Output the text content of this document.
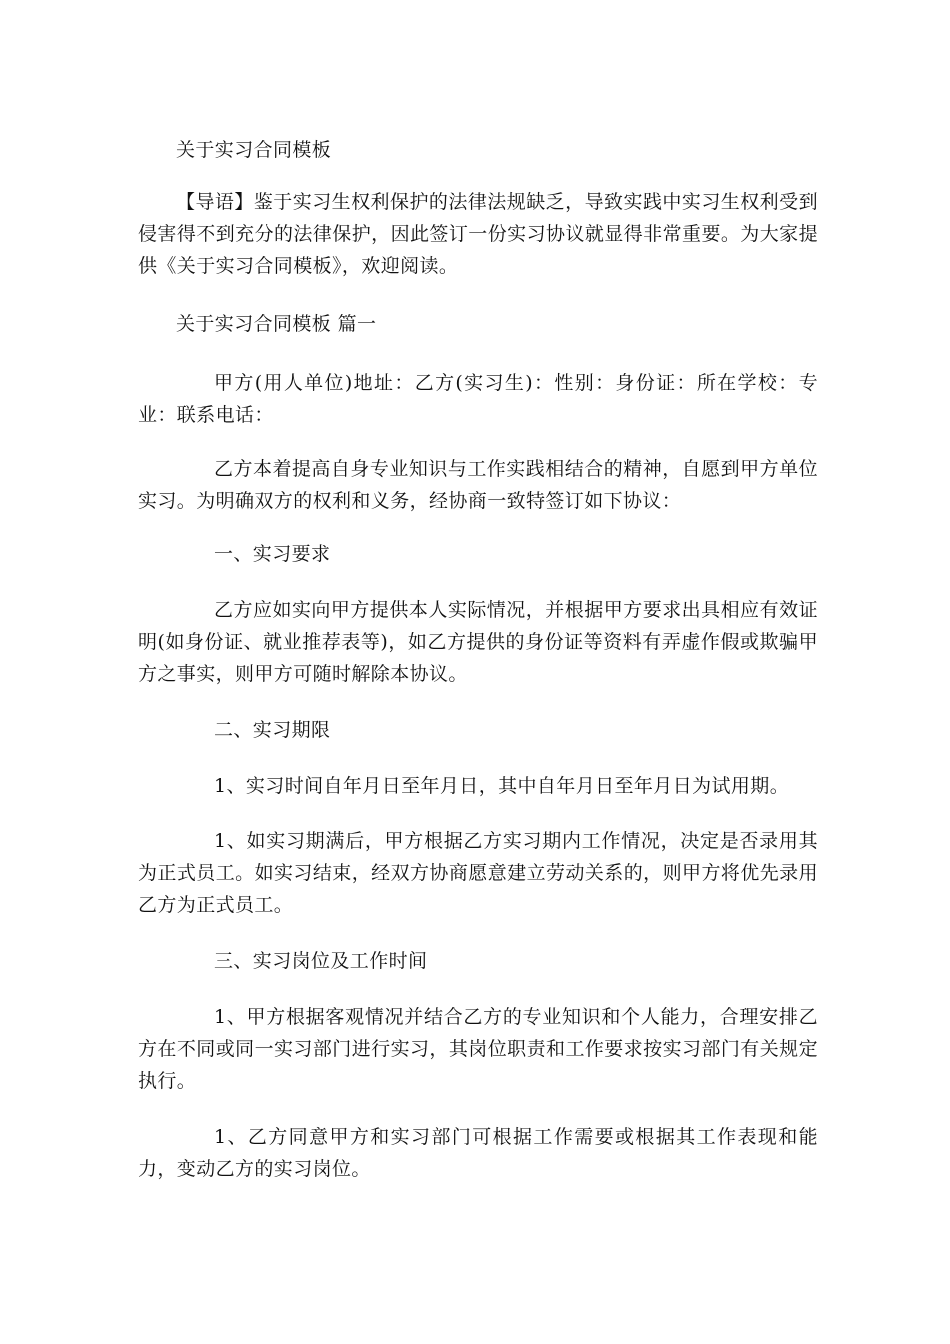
关于实习合同模板
【导语】鉴于实习生权利保护的法律法规缺乏，导致实践中实习生权利受到侵害得不到充分的法律保护，因此签订一份实习协议就显得非常重要。为大家提供《关于实习合同模板》，欢迎阅读。
关于实习合同模板 篇一
甲方(用人单位)地址：乙方(实习生)：性别：身份证：所在学校：专业：联系电话：
乙方本着提高自身专业知识与工作实践相结合的精神，自愿到甲方单位实习。为明确双方的权利和义务，经协商一致特签订如下协议：
一、实习要求
乙方应如实向甲方提供本人实际情况，并根据甲方要求出具相应有效证明(如身份证、就业推荐表等)，如乙方提供的身份证等资料有弄虚作假或欺骗甲方之事实，则甲方可随时解除本协议。
二、实习期限
1、实习时间自年月日至年月日，其中自年月日至年月日为试用期。
1、如实习期满后，甲方根据乙方实习期内工作情况，决定是否录用其为正式员工。如实习结束，经双方协商愿意建立劳动关系的，则甲方将优先录用乙方为正式员工。
三、实习岗位及工作时间
1、甲方根据客观情况并结合乙方的专业知识和个人能力，合理安排乙方在不同或同一实习部门进行实习，其岗位职责和工作要求按实习部门有关规定执行。
1、乙方同意甲方和实习部门可根据工作需要或根据其工作表现和能力，变动乙方的实习岗位。
